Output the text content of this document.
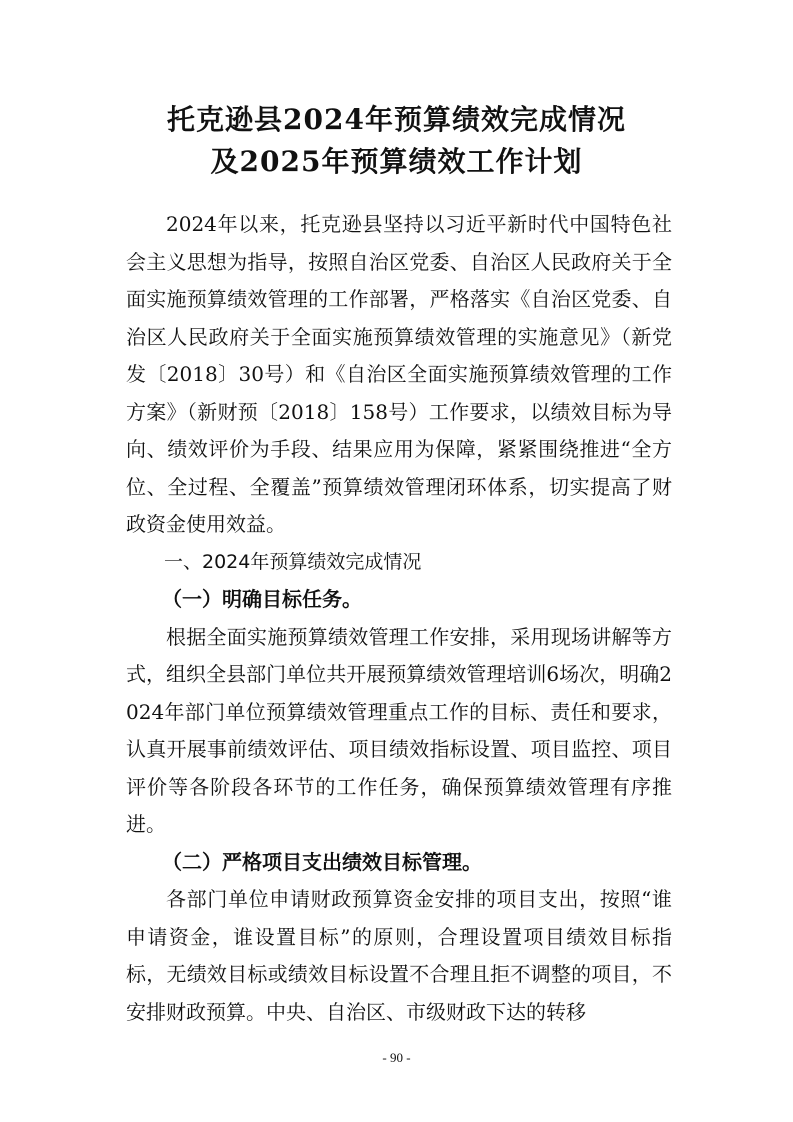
托克逊县2024年预算绩效完成情况
及2025年预算绩效工作计划

2024年以来，托克逊县坚持以习近平新时代中国特色社会主义思想为指导，按照自治区党委、自治区人民政府关于全面实施预算绩效管理的工作部署，严格落实《自治区党委、自治区人民政府关于全面实施预算绩效管理的实施意见》（新党发〔2018〕30号）和《自治区全面实施预算绩效管理的工作方案》（新财预〔2018〕158号）工作要求，以绩效目标为导向、绩效评价为手段、结果应用为保障，紧紧围绕推进“全方位、全过程、全覆盖”预算绩效管理闭环体系，切实提高了财政资金使用效益。

一、2024年预算绩效完成情况

（一）明确目标任务。

根据全面实施预算绩效管理工作安排，采用现场讲解等方式，组织全县部门单位共开展预算绩效管理培训6场次，明确2024年部门单位预算绩效管理重点工作的目标、责任和要求，认真开展事前绩效评估、项目绩效指标设置、项目监控、项目评价等各阶段各环节的工作任务，确保预算绩效管理有序推进。

（二）严格项目支出绩效目标管理。

各部门单位申请财政预算资金安排的项目支出，按照“谁申请资金，谁设置目标”的原则，合理设置项目绩效目标指标，无绩效目标或绩效目标设置不合理且拒不调整的项目，不安排财政预算。中央、自治区、市级财政下达的转移

- 90 -
